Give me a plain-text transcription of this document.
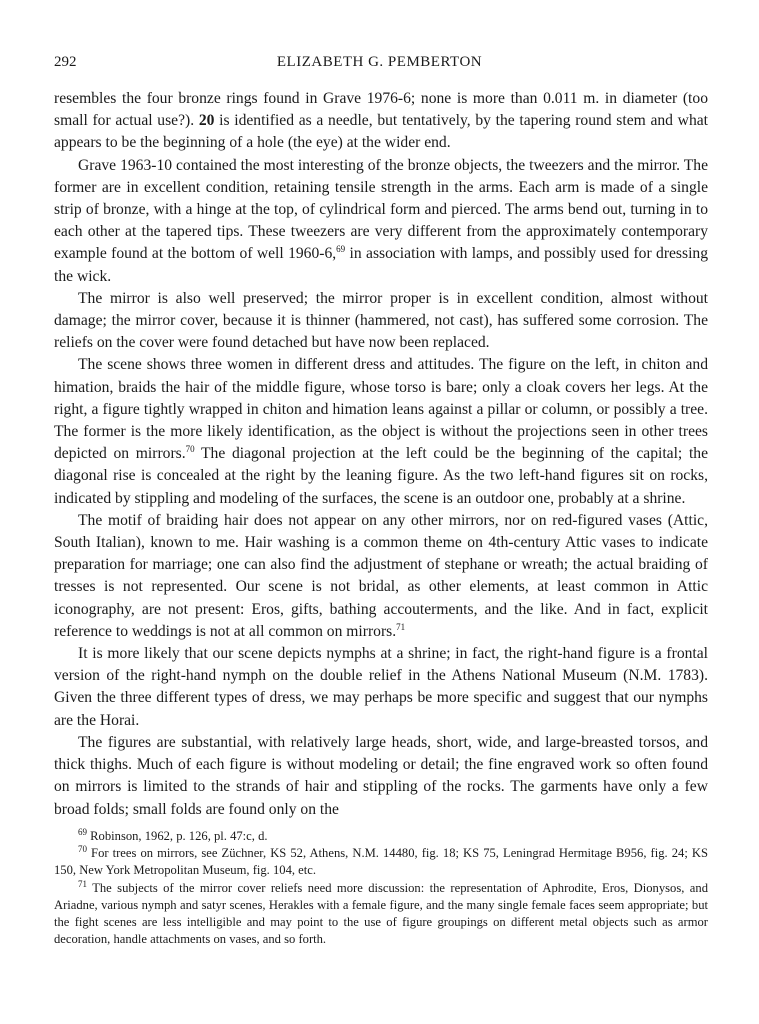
292	ELIZABETH G. PEMBERTON

resembles the four bronze rings found in Grave 1976-6; none is more than 0.011 m. in diameter (too small for actual use?). 20 is identified as a needle, but tentatively, by the tapering round stem and what appears to be the beginning of a hole (the eye) at the wider end.

Grave 1963-10 contained the most interesting of the bronze objects, the tweezers and the mirror. The former are in excellent condition, retaining tensile strength in the arms. Each arm is made of a single strip of bronze, with a hinge at the top, of cylindrical form and pierced. The arms bend out, turning in to each other at the tapered tips. These tweezers are very different from the approximately contemporary example found at the bottom of well 1960-6,69 in association with lamps, and possibly used for dressing the wick.

The mirror is also well preserved; the mirror proper is in excellent condition, almost without damage; the mirror cover, because it is thinner (hammered, not cast), has suffered some corrosion. The reliefs on the cover were found detached but have now been replaced.

The scene shows three women in different dress and attitudes. The figure on the left, in chiton and himation, braids the hair of the middle figure, whose torso is bare; only a cloak covers her legs. At the right, a figure tightly wrapped in chiton and himation leans against a pillar or column, or possibly a tree. The former is the more likely identification, as the object is without the projections seen in other trees depicted on mirrors.$^{70}$ The diagonal projection at the left could be the beginning of the capital; the diagonal rise is concealed at the right by the leaning figure. As the two left-hand figures sit on rocks, indicated by stippling and modeling of the surfaces, the scene is an outdoor one, probably at a shrine.

The motif of braiding hair does not appear on any other mirrors, nor on red-figured vases (Attic, South Italian), known to me. Hair washing is a common theme on 4th-century Attic vases to indicate preparation for marriage; one can also find the adjustment of stephane or wreath; the actual braiding of tresses is not represented. Our scene is not bridal, as other elements, at least common in Attic iconography, are not present: Eros, gifts, bathing accouterments, and the like. And in fact, explicit reference to weddings is not at all common on mirrors.$^{71}$

It is more likely that our scene depicts nymphs at a shrine; in fact, the right-hand figure is a frontal version of the right-hand nymph on the double relief in the Athens National Museum (N.M. 1783). Given the three different types of dress, we may perhaps be more specific and suggest that our nymphs are the Horai.

The figures are substantial, with relatively large heads, short, wide, and large-breasted torsos, and thick thighs. Much of each figure is without modeling or detail; the fine engraved work so often found on mirrors is limited to the strands of hair and stippling of the rocks. The garments have only a few broad folds; small folds are found only on the

$^{69}$ Robinson, 1962, p. 126, pl. 47:c, d.

$^{70}$ For trees on mirrors, see Züchner, KS 52, Athens, N.M. 14480, fig. 18; KS 75, Leningrad Hermitage B956, fig. 24; KS 150, New York Metropolitan Museum, fig. 104, etc.

$^{71}$ The subjects of the mirror cover reliefs need more discussion: the representation of Aphrodite, Eros, Dionysos, and Ariadne, various nymph and satyr scenes, Herakles with a female figure, and the many single female faces seem appropriate; but the fight scenes are less intelligible and may point to the use of figure groupings on different metal objects such as armor decoration, handle attachments on vases, and so forth.
